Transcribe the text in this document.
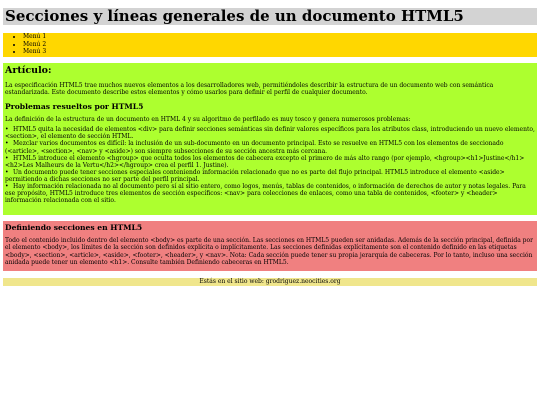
Secciones y líneas generales de un documento HTML5
• Menú 1
• Menú 2
• Menú 3
Artículo:

La especificación HTML5 trae muchos nuevos elementos a los desarrolladores web, permitiéndoles describir la estructura de un documento web con semántica estandarizada. Este documento describe estos elementos y cómo usarlos para definir el perfil de cualquier documento.

Problemas resueltos por HTML5

La definición de la estructura de un documento en HTML 4 y su algoritmo de perfilado es muy tosco y genera numerosos problemas:

• HTML5 quita la necesidad de elementos <div> para definir secciones semánticas sin definir valores específicos para los atributos class, introduciendo un nuevo elemento, <section>, el elemento de sección HTML.
• Mezclar varios documentos es difícil: la inclusión de un sub-documento en un documento principal. Esto se resuelve en HTML5 con los elementos de seccionado (<article>, <section>, <nav> y <aside>) son siempre subsecciones de su sección ancestra más cercana.
• HTML5 introduce el elemento <hgroup> que oculta todos los elementos de cabecera excepto el primero de más alto rango (por ejemplo, <hgroup><h1>Justine</h1><h2>Les Malheurs de la Vertu</h2></hgroup> crea el perfil 1. Justine).
• Un documento puede tener secciones especiales conteniendo información relacionado que no es parte del flujo principal. HTML5 introduce el elemento <aside> permitiendo a dichas secciones no ser parte del perfil principal.
• Hay información relacionada no al documento pero sí al sitio entero, como logos, menús, tablas de contenidos, o información de derechos de autor y notas legales. Para ese propósito, HTML5 introduce tres elementos de sección específicos: <nav> para colecciones de enlaces, como una tabla de contenidos, <footer> y <header> información relacionada con el sitio.
Definiendo secciones en HTML5

Todo el contenido incluido dentro del elemento <body> es parte de una sección. Las secciones en HTML5 pueden ser anidadas. Además de la sección principal, definida por el elemento <body>, los límites de la sección son definidos explícita o implícitamente. Las secciones definidas explícitamente son el contenido definido en las etiquetas <body>, <section>, <article>, <aside>, <footer>, <header>, y <nav>. Nota: Cada sección puede tener su propia jerarquía de cabeceras. Por lo tanto, incluso una sección anidada puede tener un elemento <h1>. Consulte también Definiendo cabeceras en HTML5.

Estás en el sitio web: grodriguez.neocities.org
